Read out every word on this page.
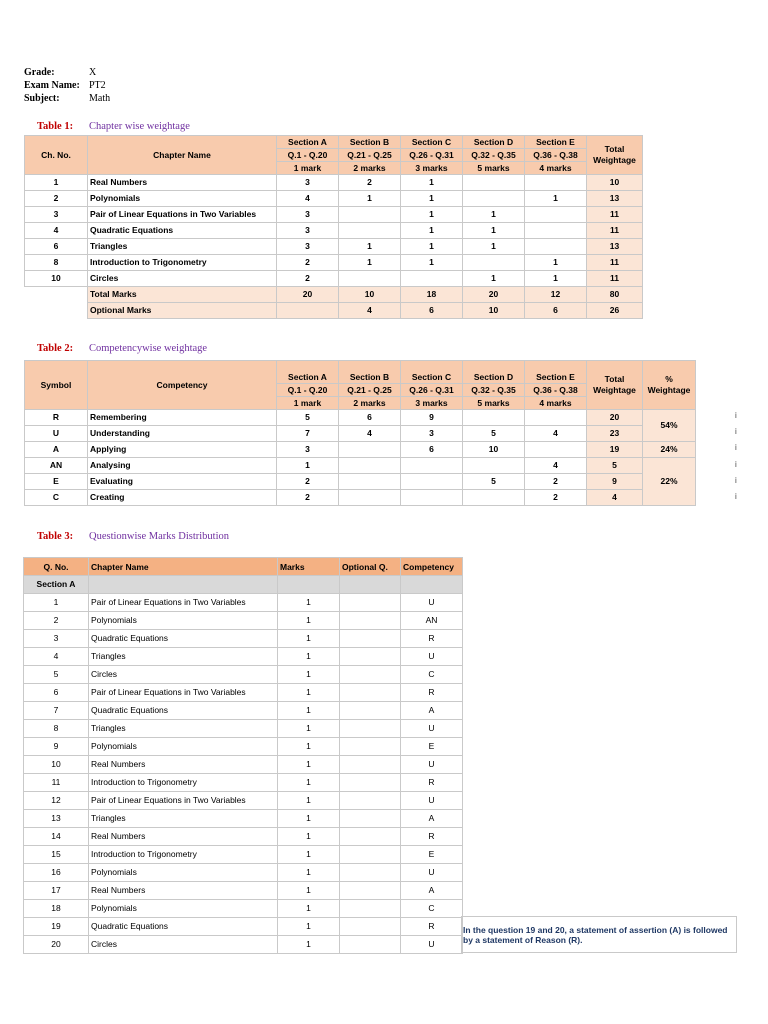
Grade:	X
Exam Name: PT2
Subject:	Math
Table 1:	Chapter wise weightage
Ch. No.	Chapter Name	Section A	Section B	Section C	Section D	Section E	Total Weightage
		Q.1 - Q.20	Q.21 - Q.25	Q.26 - Q.31	Q.32 - Q.35	Q.36 - Q.38	
		1 mark	2 marks	3 marks	5 marks	4 marks	
1	Real Numbers	3	2	1			10
2	Polynomials	4	1	1		1	13
3	Pair of Linear Equations in Two Variables	3		1	1		11
4	Quadratic Equations	3		1	1		11
6	Triangles	3	1	1	1		13
8	Introduction to Trigonometry	2	1	1		1	11
10	Circles	2			1	1	11
	Total Marks	20	10	18	20	12	80
	Optional Marks		4	6	10	6	26
Table 2:	Competencywise weightage
Symbol	Competency	Section A	Section B	Section C	Section D	Section E	Total Weightage	% Weightage
		Q.1 - Q.20	Q.21 - Q.25	Q.26 - Q.31	Q.32 - Q.35	Q.36 - Q.38		
		1 mark	2 marks	3 marks	5 marks	4 marks		
R	Remembering	5	6	9			20	54%
U	Understanding	7	4	3	5	4	23	
A	Applying	3		6	10		19	24%
AN	Analysing	1				4	5	22%
E	Evaluating	2			5	2	9	
C	Creating	2				2	4	
i
i
i
i
i
i
Table 3:	Questionwise Marks Distribution
Q. No.	Chapter Name	Marks	Optional Q.	Competency
Section A				
1	Pair of Linear Equations in Two Variables	1		U
2	Polynomials	1		AN
3	Quadratic Equations	1		R
4	Triangles	1		U
5	Circles	1		C
6	Pair of Linear Equations in Two Variables	1		R
7	Quadratic Equations	1		A
8	Triangles	1		U
9	Polynomials	1		E
10	Real Numbers	1		U
11	Introduction to Trigonometry	1		R
12	Pair of Linear Equations in Two Variables	1		U
13	Triangles	1		A
14	Real Numbers	1		R
15	Introduction to Trigonometry	1		E
16	Polynomials	1		U
17	Real Numbers	1		A
18	Polynomials	1		C
19	Quadratic Equations	1		R
20	Circles	1		U
In the question 19 and 20, a statement of assertion (A) is followed by a statement of Reason (R).
